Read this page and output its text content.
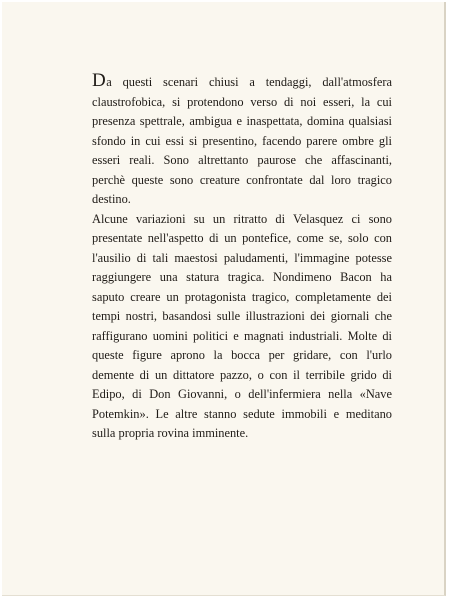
Da questi scenari chiusi a tendaggi, dall'atmosfera claustrofobica, si protendono verso di noi esseri, la cui presenza spettrale, ambigua e inaspettata, domina qualsiasi sfondo in cui essi si presentino, facendo parere ombre gli esseri reali. Sono altrettanto paurose che affascinanti, perchè queste sono creature confrontate dal loro tragico destino.

Alcune variazioni su un ritratto di Velasquez ci sono presentate nell'aspetto di un pontefice, come se, solo con l'ausilio di tali maestosi paludamenti, l'immagine potesse raggiungere una statura tragica. Nondimeno Bacon ha saputo creare un protagonista tragico, completamente dei tempi nostri, basandosi sulle illustrazioni dei giornali che raffigurano uomini politici e magnati industriali. Molte di queste figure aprono la bocca per gridare, con l'urlo demente di un dittatore pazzo, o con il terribile grido di Edipo, di Don Giovanni, o dell'infermiera nella «Nave Potemkin». Le altre stanno sedute immobili e meditano sulla propria rovina imminente.
